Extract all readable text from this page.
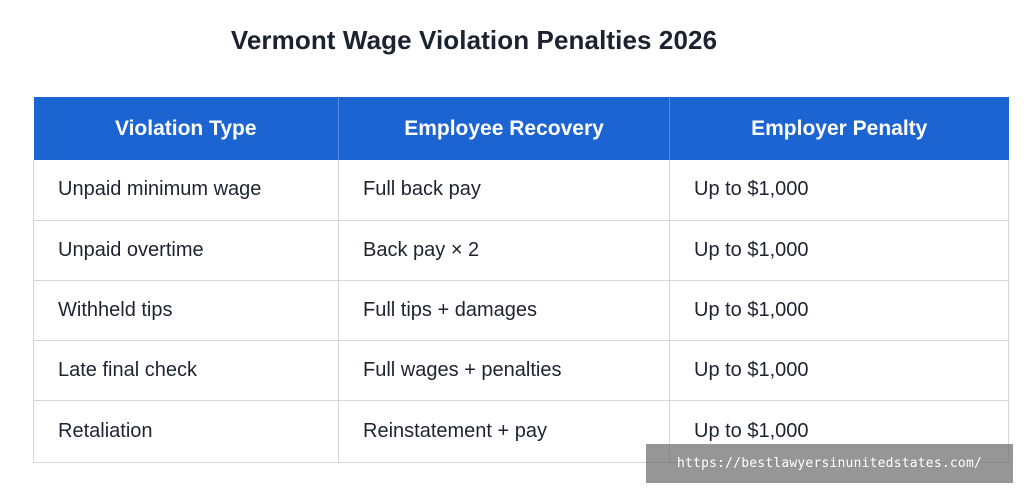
Vermont Wage Violation Penalties 2026
Violation Type	Employee Recovery	Employer Penalty
Unpaid minimum wage	Full back pay	Up to $1,000
Unpaid overtime	Back pay × 2	Up to $1,000
Withheld tips	Full tips + damages	Up to $1,000
Late final check	Full wages + penalties	Up to $1,000
Retaliation	Reinstatement + pay	Up to $1,000
https://bestlawyersinunitedstates.com/
